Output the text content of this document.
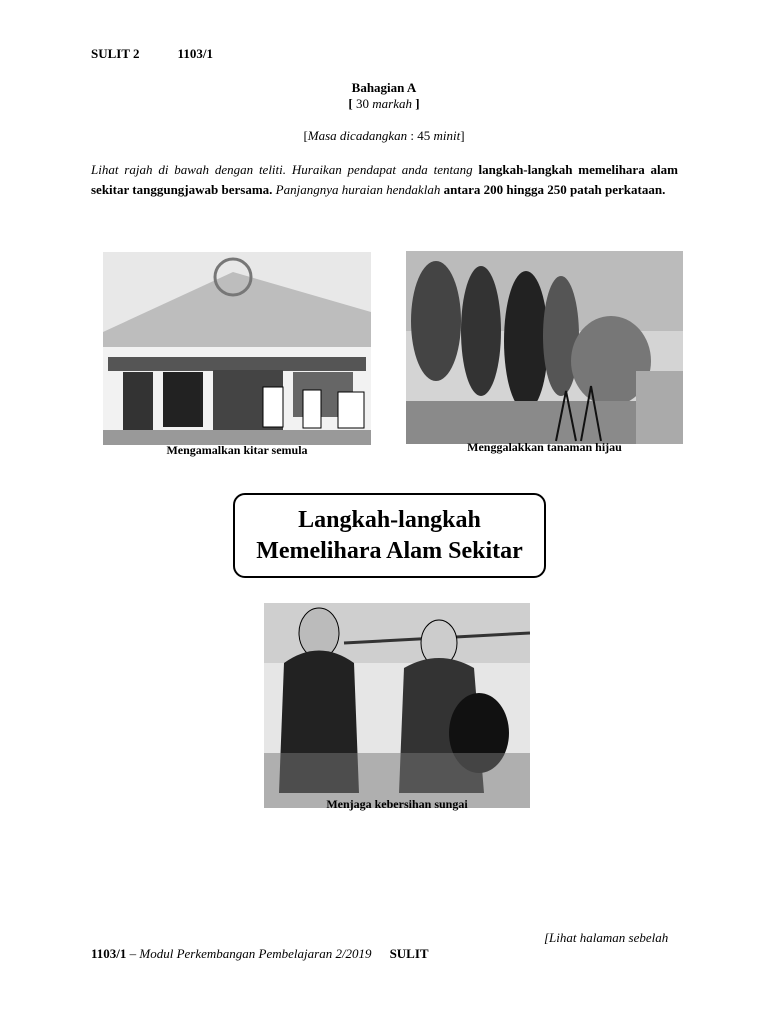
SULIT 2	1103/1
Bahagian A
[ 30 markah ]
[Masa dicadangkan : 45 minit]
Lihat rajah di bawah dengan teliti. Huraikan pendapat anda tentang langkah-langkah memelihara alam sekitar tanggungjawab bersama. Panjangnya huraian hendaklah antara 200 hingga 250 patah perkataan.
Mengamalkan kitar semula	Menggalakkan tanaman hijau
Langkah-langkah
Memelihara Alam Sekitar
Menjaga kebersihan sungai
[Lihat halaman sebelah
1103/1 – Modul Perkembangan Pembelajaran 2/2019 SULIT
